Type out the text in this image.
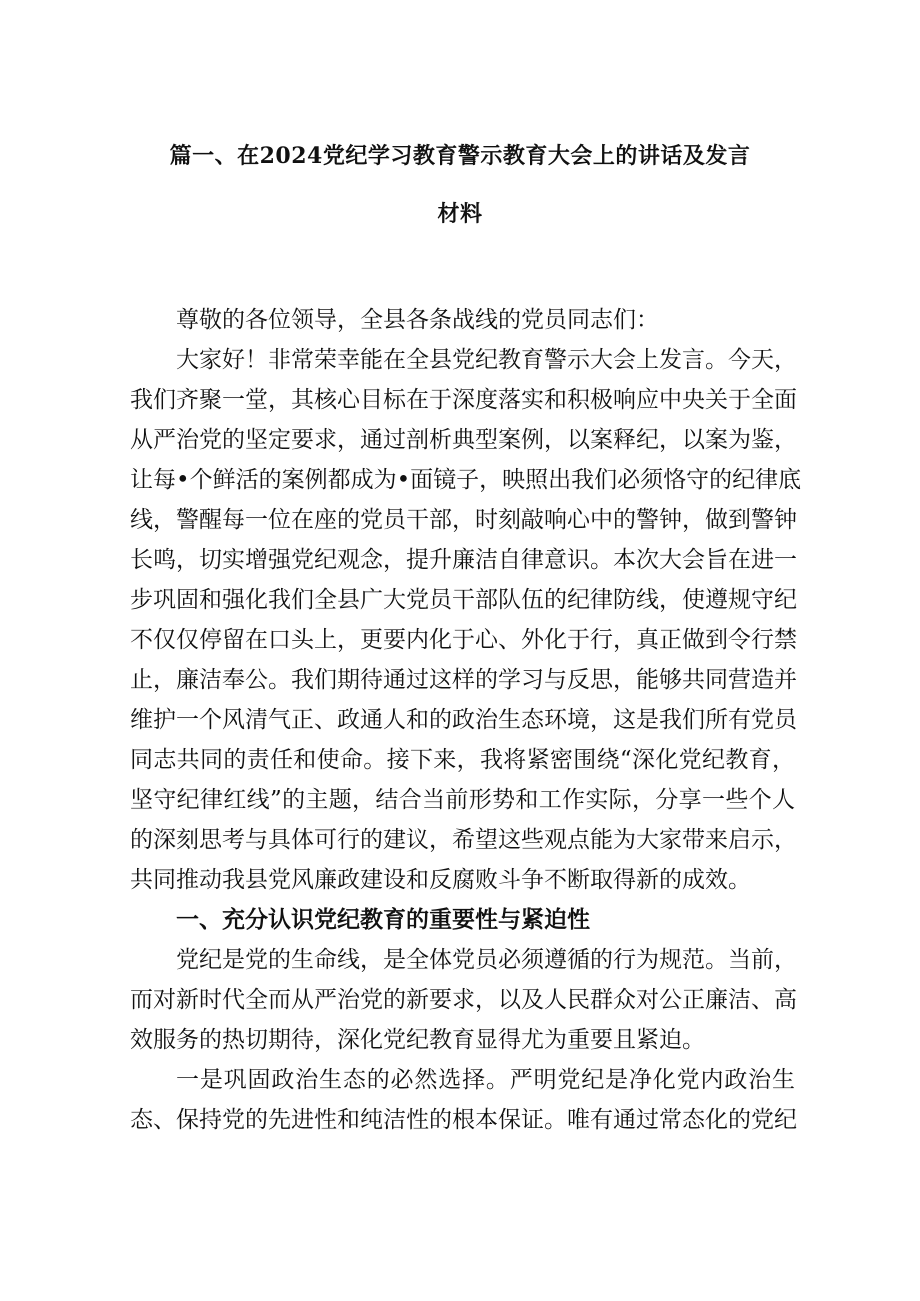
篇一、在2024党纪学习教育警示教育大会上的讲话及发言
材料
尊敬的各位领导，全县各条战线的党员同志们：
大家好！非常荣幸能在全县党纪教育警示大会上发言。今天，
我们齐聚一堂，其核心目标在于深度落实和积极响应中央关于全面
从严治党的坚定要求，通过剖析典型案例，以案释纪，以案为鉴，
让每•个鲜活的案例都成为•面镜子，映照出我们必须恪守的纪律底
线，警醒每一位在座的党员干部，时刻敲响心中的警钟，做到警钟
长鸣，切实增强党纪观念，提升廉洁自律意识。本次大会旨在进一
步巩固和强化我们全县广大党员干部队伍的纪律防线，使遵规守纪
不仅仅停留在口头上，更要内化于心、外化于行，真正做到令行禁
止，廉洁奉公。我们期待通过这样的学习与反思，能够共同营造并
维护一个风清气正、政通人和的政治生态环境，这是我们所有党员
同志共同的责任和使命。接下来，我将紧密围绕“深化党纪教育，
坚守纪律红线”的主题，结合当前形势和工作实际，分享一些个人
的深刻思考与具体可行的建议，希望这些观点能为大家带来启示，
共同推动我县党风廉政建设和反腐败斗争不断取得新的成效。
一、充分认识党纪教育的重要性与紧迫性
党纪是党的生命线，是全体党员必须遵循的行为规范。当前，
而对新时代全而从严治党的新要求，以及人民群众对公正廉洁、高
效服务的热切期待，深化党纪教育显得尤为重要且紧迫。
一是巩固政治生态的必然选择。严明党纪是净化党内政治生
态、保持党的先进性和纯洁性的根本保证。唯有通过常态化的党纪
